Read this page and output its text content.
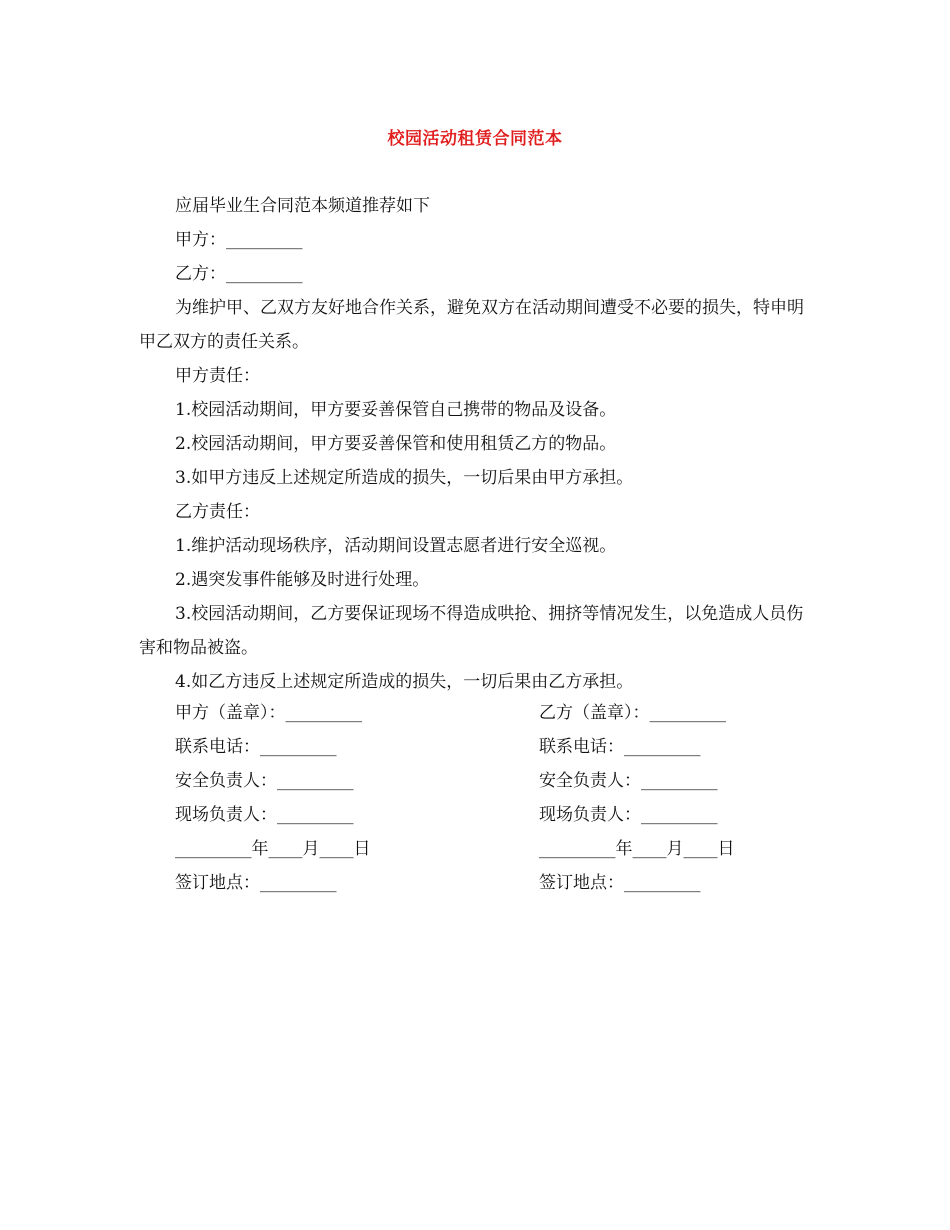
校园活动租赁合同范本

应届毕业生合同范本频道推荐如下

甲方：_________

乙方：_________

为维护甲、乙双方友好地合作关系，避免双方在活动期间遭受不必要的损失，特申明甲乙双方的责任关系。

甲方责任：

1.校园活动期间，甲方要妥善保管自己携带的物品及设备。

2.校园活动期间，甲方要妥善保管和使用租赁乙方的物品。

3.如甲方违反上述规定所造成的损失，一切后果由甲方承担。

乙方责任：

1.维护活动现场秩序，活动期间设置志愿者进行安全巡视。

2.遇突发事件能够及时进行处理。

3.校园活动期间，乙方要保证现场不得造成哄抢、拥挤等情况发生，以免造成人员伤害和物品被盗。

4.如乙方违反上述规定所造成的损失，一切后果由乙方承担。

甲方（盖章）：_________	乙方（盖章）：_________
联系电话：_________	联系电话：_________
安全负责人：_________	安全负责人：_________
现场负责人：_________	现场负责人：_________
_________年____月____日	_________年____月____日
签订地点：_________	签订地点：_________
